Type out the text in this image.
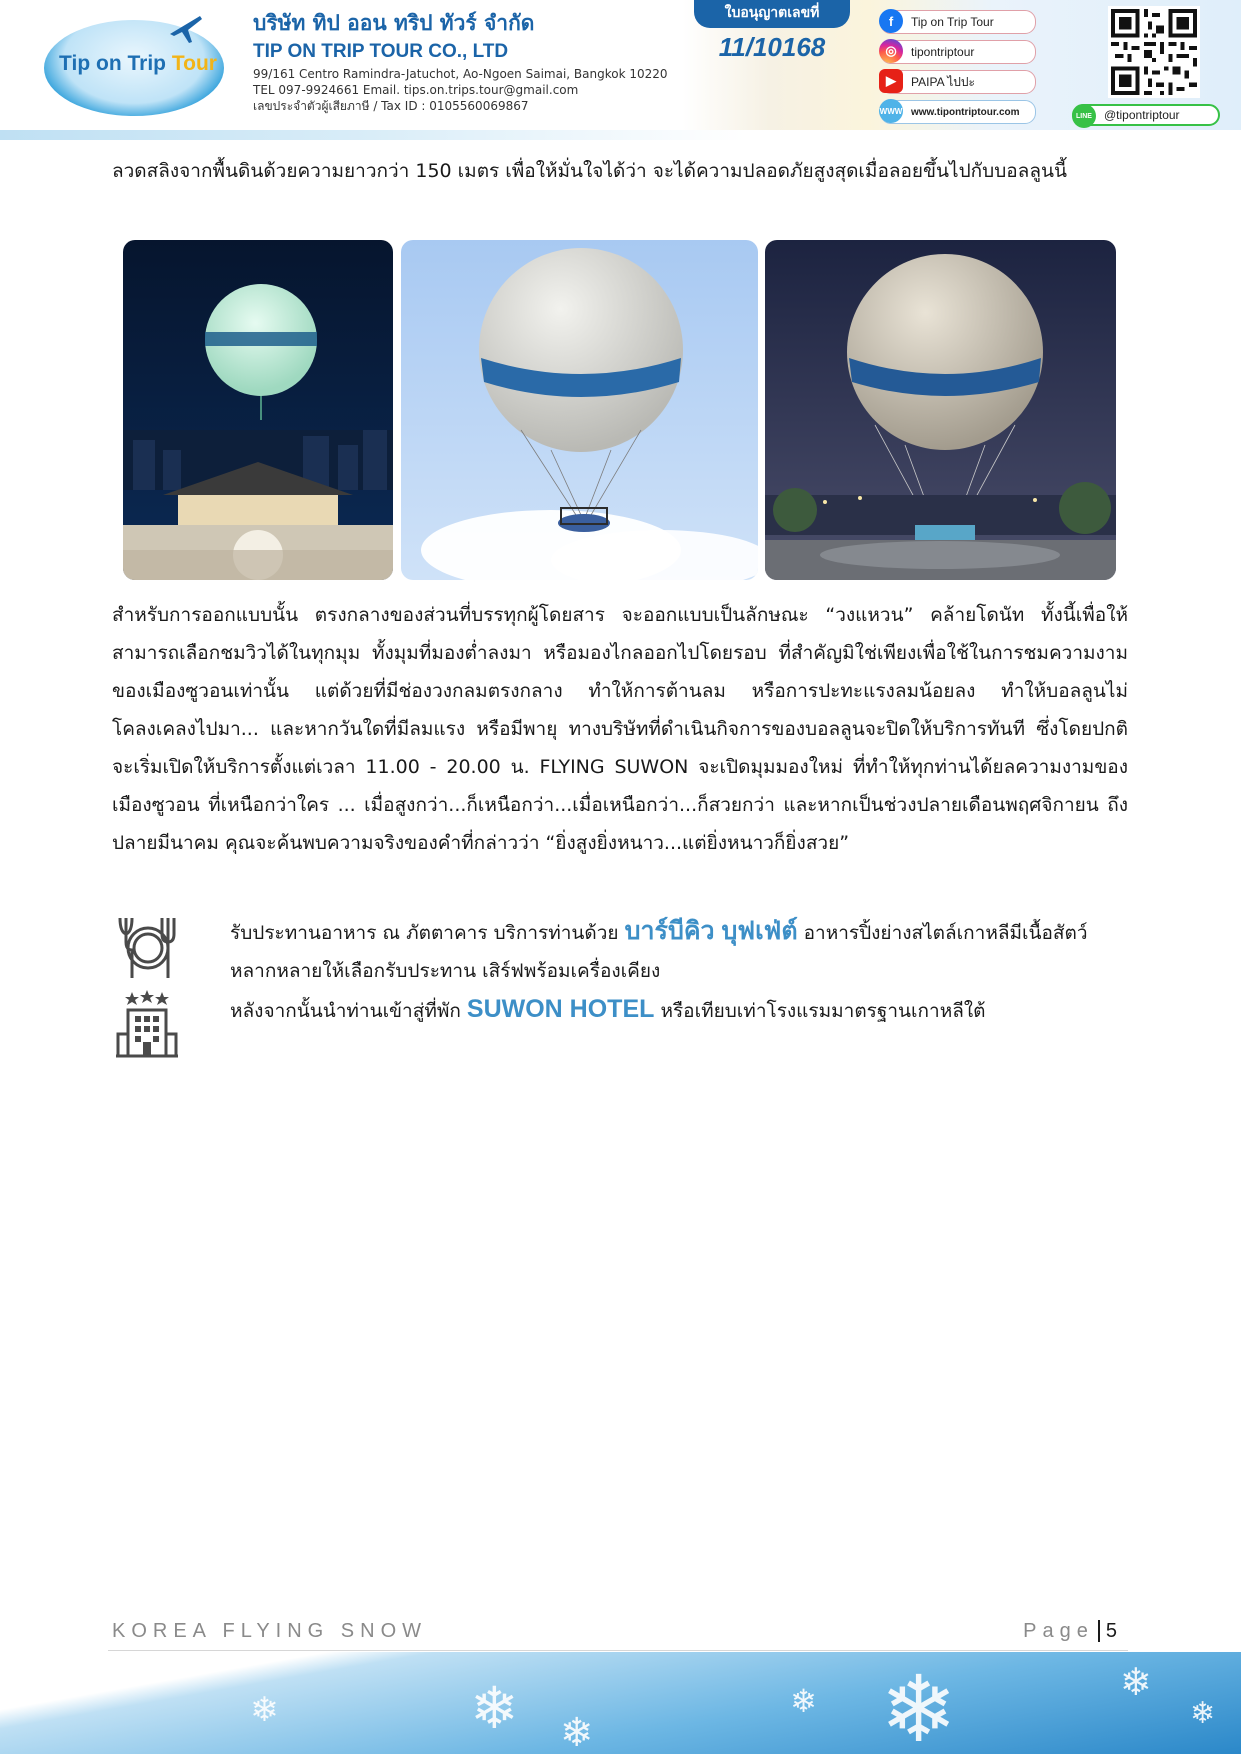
Tip on Trip Tour
บริษัท ทิป ออน ทริป ทัวร์ จำกัด
TIP ON TRIP TOUR CO., LTD
99/161 Centro Ramindra-Jatuchot, Ao-Ngoen Saimai, Bangkok 10220
TEL 097-9924661 Email. tips.on.trips.tour@gmail.com
เลขประจำตัวผู้เสียภาษี / Tax ID : 0105560069867
ใบอนุญาตเลขที่
11/10168
f	Tip on Trip Tour
◎	tipontriptour
▶	PAIPA ไปปะ
WWW www.tipontriptour.com	LINE	@tipontriptour

ลวดสลิงจากพื้นดินด้วยความยาวกว่า 150 เมตร เพื่อให้มั่นใจได้ว่า จะได้ความปลอดภัยสูงสุดเมื่อลอยขึ้นไปกับบอลลูนนี้

สำหรับการออกแบบนั้น ตรงกลางของส่วนที่บรรทุกผู้โดยสาร จะออกแบบเป็นลักษณะ “วงแหวน” คล้ายโดนัท ทั้งนี้เพื่อให้สามารถเลือกชมวิวได้ในทุกมุม ทั้งมุมที่มองต่ำลงมา หรือมองไกลออกไปโดยรอบ ที่สำคัญมิใช่เพียงเพื่อใช้ในการชมความงามของเมืองซูวอนเท่านั้น แต่ด้วยที่มีช่องวงกลมตรงกลาง ทำให้การต้านลม หรือการปะทะแรงลมน้อยลง ทำให้บอลลูนไม่โคลงเคลงไปมา... และหากวันใดที่มีลมแรง หรือมีพายุ ทางบริษัทที่ดำเนินกิจการของบอลลูนจะปิดให้บริการทันที ซึ่งโดยปกติจะเริ่มเปิดให้บริการตั้งแต่เวลา 11.00 - 20.00 น. FLYING SUWON จะเปิดมุมมองใหม่ ที่ทำให้ทุกท่านได้ยลความงามของเมืองซูวอน ที่เหนือกว่าใคร ... เมื่อสูงกว่า...ก็เหนือกว่า...เมื่อเหนือกว่า...ก็สวยกว่า และหากเป็นช่วงปลายเดือนพฤศจิกายน ถึงปลายมีนาคม คุณจะค้นพบความจริงของคำที่กล่าวว่า “ยิ่งสูงยิ่งหนาว...แต่ยิ่งหนาวก็ยิ่งสวย”

รับประทานอาหาร ณ ภัตตาคาร บริการท่านด้วย บาร์บีคิว บุฟเฟ่ต์ อาหารปิ้งย่างสไตล์เกาหลีมีเนื้อสัตว์หลากหลายให้เลือกรับประทาน เสิร์ฟพร้อมเครื่องเคียง
หลังจากนั้นนำท่านเข้าสู่ที่พัก SUWON HOTEL หรือเทียบเท่าโรงแรมมาตรฐานเกาหลีใต้
KOREA FLYING SNOW	Page 5
❄	❄ ❄
❄ ❄	❄
❄
